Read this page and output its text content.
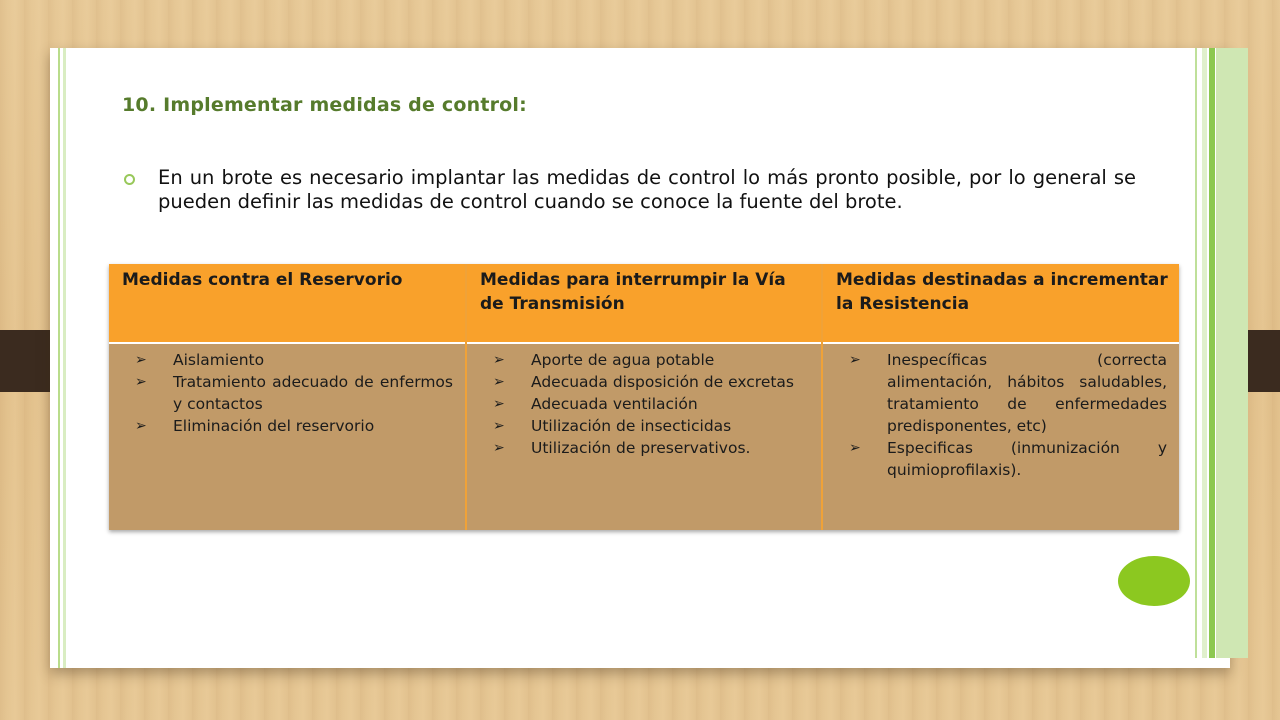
10. Implementar medidas de control:

En un brote es necesario implantar las medidas de control lo más pronto posible, por lo general se pueden definir las medidas de control cuando se conoce la fuente del brote.

Medidas contra el Reservorio
➢ Aislamiento
➢ Tratamiento adecuado de enfermos y contactos
➢ Eliminación del reservorio
Medidas para interrumpir la Vía de Transmisión
➢ Aporte de agua potable
➢ Adecuada disposición de excretas
➢ Adecuada ventilación
➢ Utilización de insecticidas
➢ Utilización de preservativos.
Medidas destinadas a incrementar la Resistencia
➢ Inespecíficas (correcta alimentación, hábitos saludables, tratamiento de enfermedades predisponentes, etc)
➢ Especificas (inmunización y quimioprofilaxis).
